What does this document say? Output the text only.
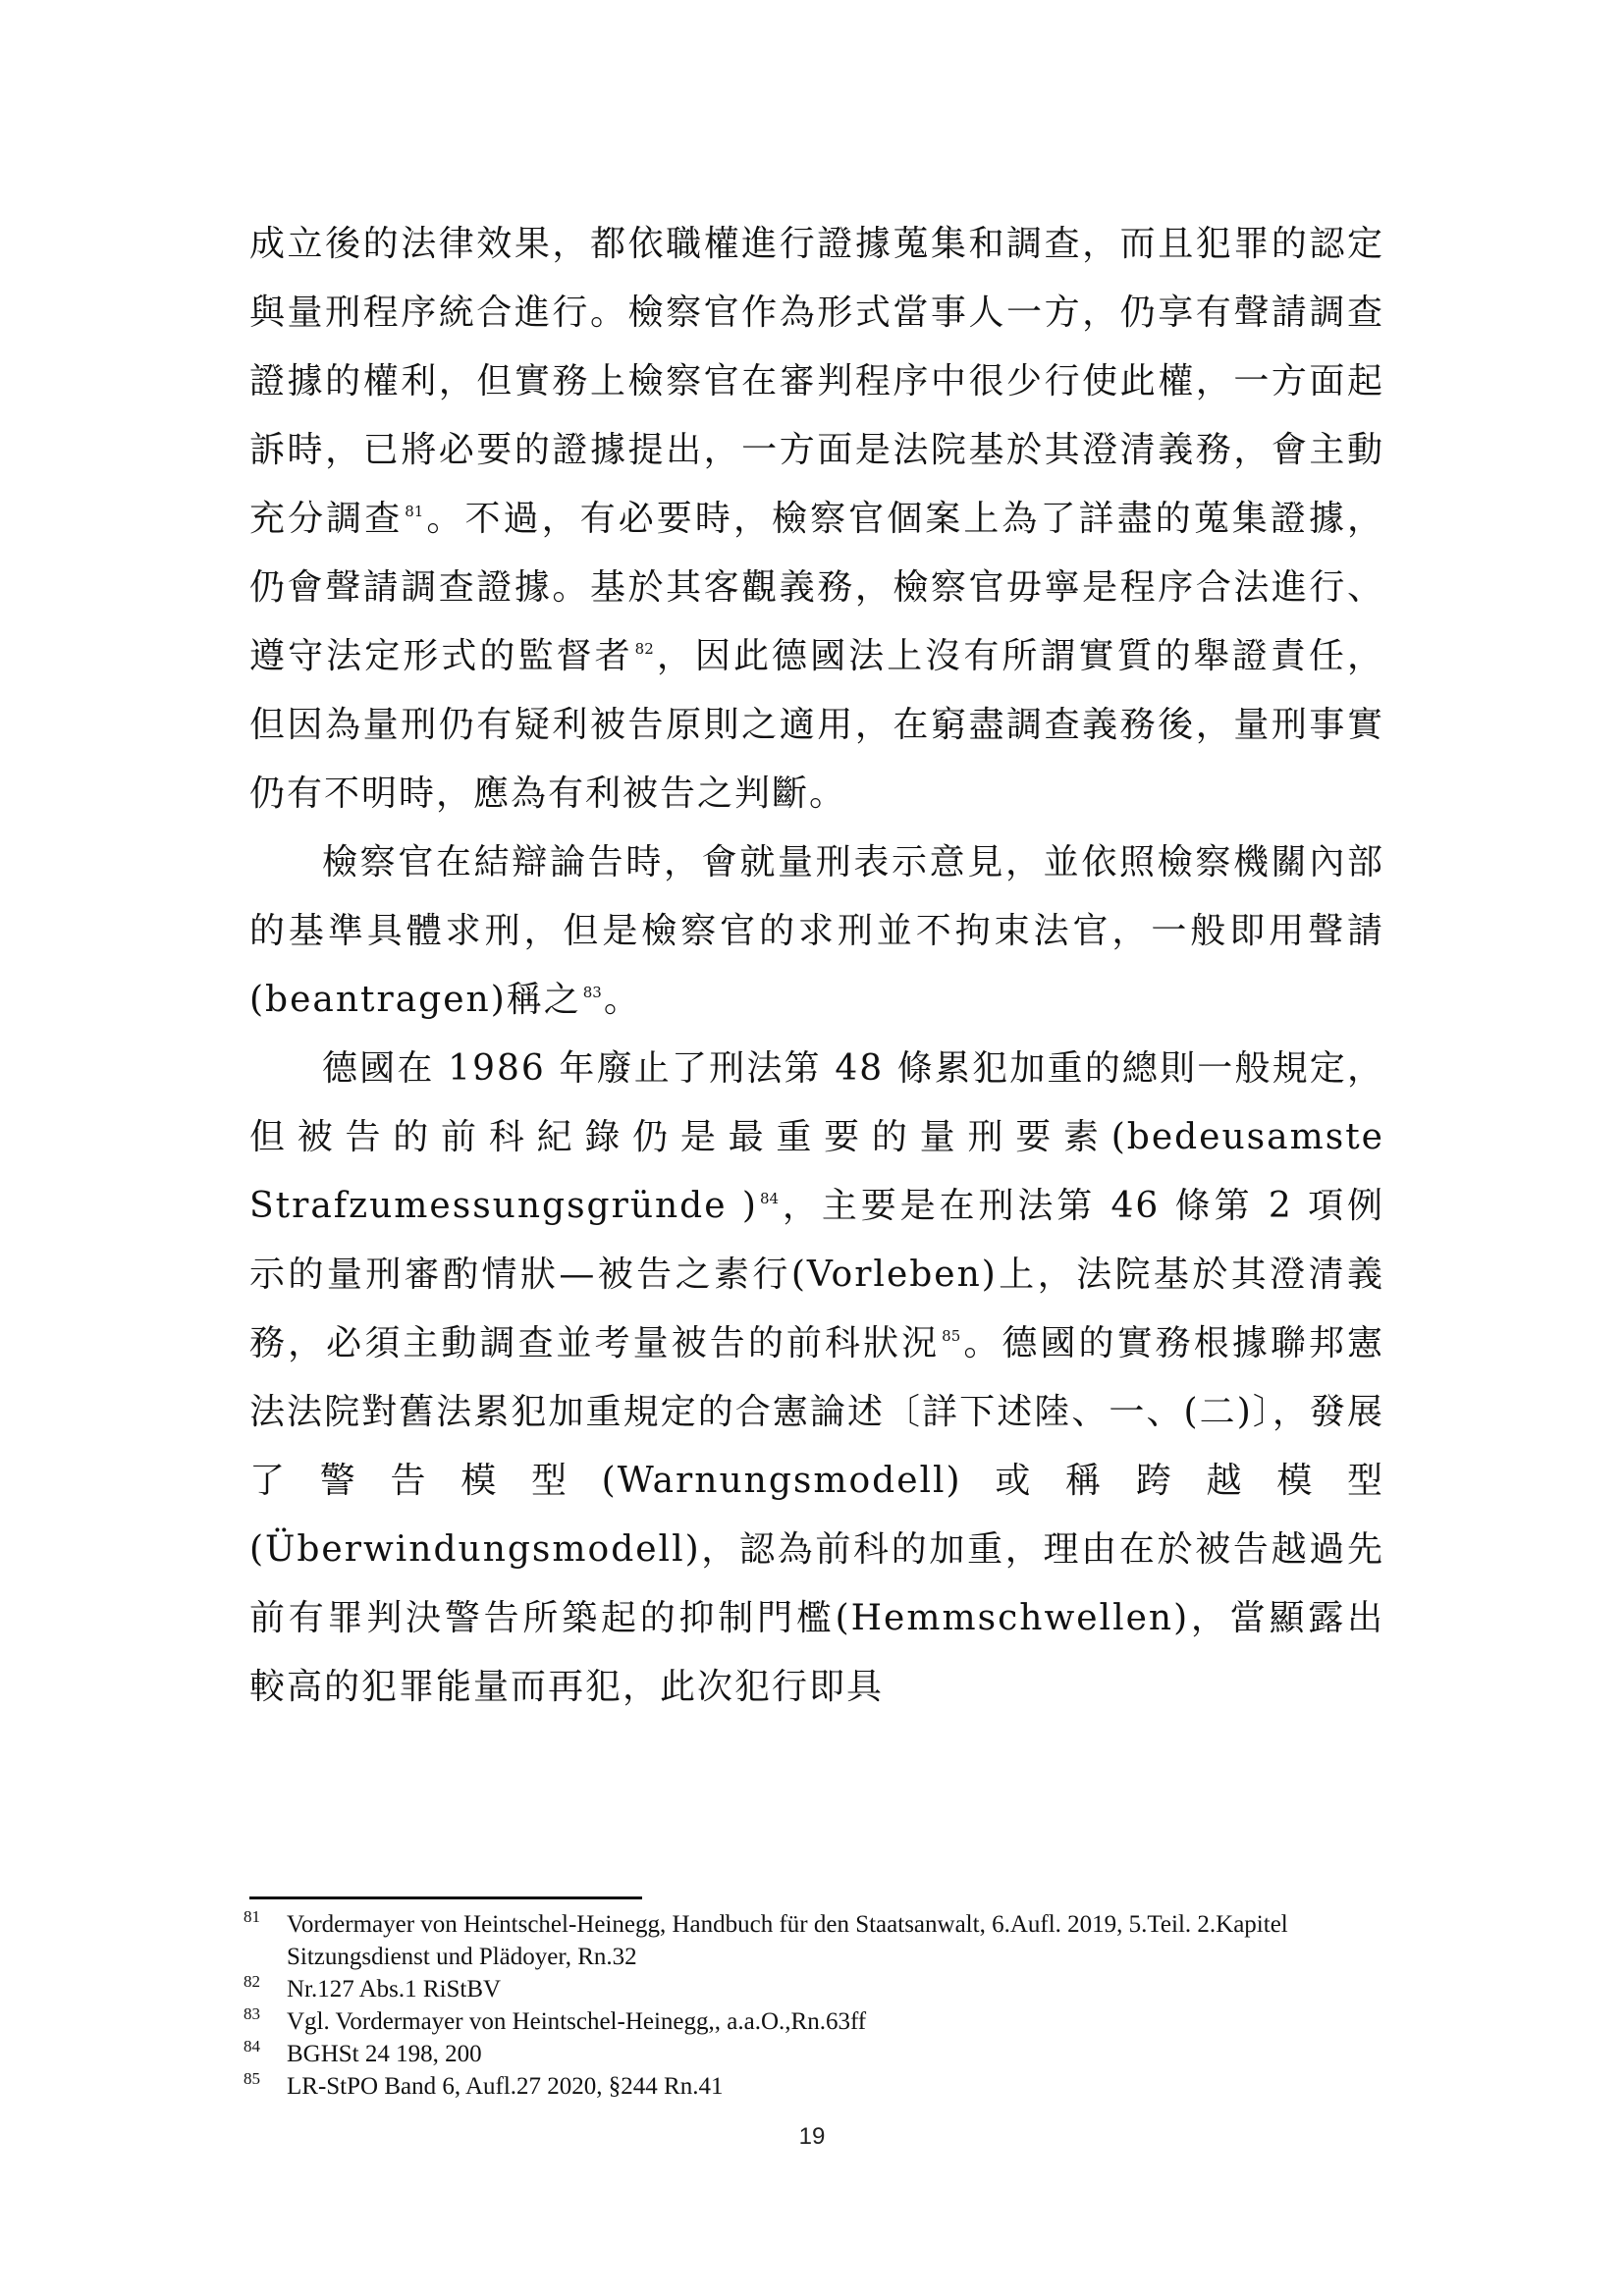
成立後的法律效果，都依職權進行證據蒐集和調查，而且犯罪的認定與量刑程序統合進行。檢察官作為形式當事人一方，仍享有聲請調查證據的權利，但實務上檢察官在審判程序中很少行使此權，一方面起訴時，已將必要的證據提出，一方面是法院基於其澄清義務，會主動充分調查 $^{81}$。不過，有必要時，檢察官個案上為了詳盡的蒐集證據，仍會聲請調查證據。基於其客觀義務，檢察官毋寧是程序合法進行、遵守法定形式的監督者 $^{82}$，因此德國法上沒有所謂實質的舉證責任，但因為量刑仍有疑利被告原則之適用，在窮盡調查義務後，量刑事實仍有不明時，應為有利被告之判斷。

檢察官在結辯論告時，會就量刑表示意見，並依照檢察機關內部的基準具體求刑，但是檢察官的求刑並不拘束法官，一般即用聲請(beantragen)稱之 $^{83}$。

德國在 1986 年廢止了刑法第 48 條累犯加重的總則一般規定，但被告的前科紀錄仍是最重要的量刑要素(bedeusamste Strafzumessungsgründe ) $^{84}$，主要是在刑法第 46 條第 2 項例示的量刑審酌情狀—被告之素行(Vorleben)上，法院基於其澄清義務，必須主動調查並考量被告的前科狀況 $^{85}$。德國的實務根據聯邦憲法法院對舊法累犯加重規定的合憲論述〔詳下述陸、一、(二)〕，發展了警告模型(Warnungsmodell)或稱跨越模型(Überwindungsmodell)，認為前科的加重，理由在於被告越過先前有罪判決警告所築起的抑制門檻(Hemmschwellen)，當顯露出較高的犯罪能量而再犯，此次犯行即具

81 Vordermayer von Heintschel-Heinegg, Handbuch für den Staatsanwalt, 6.Aufl. 2019, 5.Teil. 2.Kapitel Sitzungsdienst und Plädoyer, Rn.32

82 Nr.127 Abs.1 RiStBV

83 Vgl. Vordermayer von Heintschel-Heinegg,, a.a.O.,Rn.63ff

84 BGHSt 24 198, 200

85 LR-StPO Band 6, Aufl.27 2020, §244 Rn.41

19
